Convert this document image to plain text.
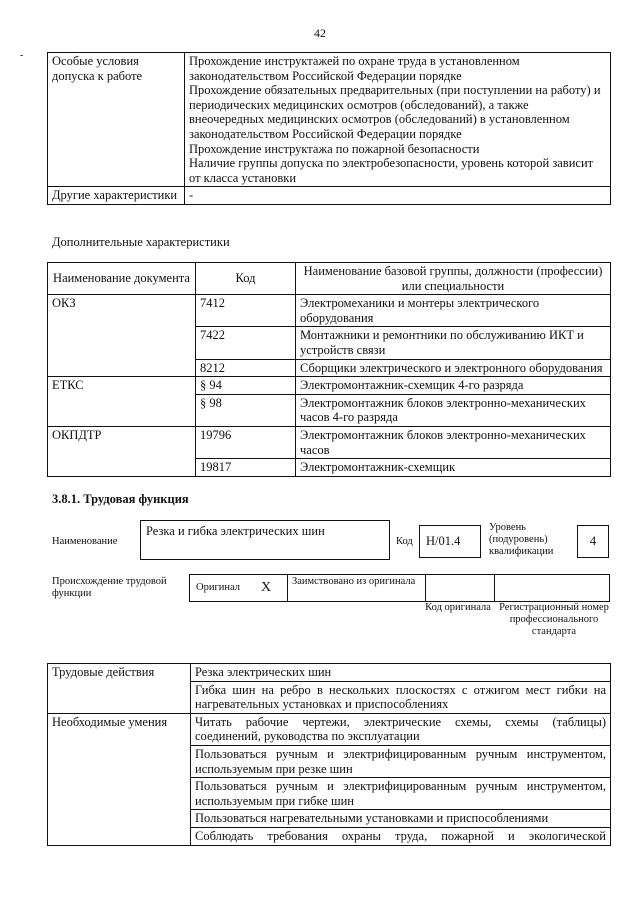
42
- Особые условия допуска к работе	Прохождение инструктажей по охране труда в установленном законодательством Российской Федерации порядке
Прохождение обязательных предварительных (при поступлении на работу) и периодических медицинских осмотров (обследований), а также внеочередных медицинских осмотров (обследований) в установленном законодательством Российской Федерации порядке
Прохождение инструктажа по пожарной безопасности
Наличие группы допуска по электробезопасности, уровень которой зависит от класса установки

Другие характеристики	-
Дополнительные характеристики
Наименование документа	Код	Наименование базовой группы, должности (профессии) или специальности
ОКЗ	7412	Электромеханики и монтеры электрического оборудования
	7422	Монтажники и ремонтники по обслуживанию ИКТ и устройств связи
	8212	Сборщики электрического и электронного оборудования
ЕТКС	§ 94	Электромонтажник-схемщик 4-го разряда
	§ 98	Электромонтажник блоков электронно-механических часов 4-го разряда
ОКПДТР	19796	Электромонтажник блоков электронно-механических часов
	19817	Электромонтажник-схемщик
3.8.1. Трудовая функция
Наименование
Резка и гибка электрических шин
Код	Н/01.4
Уровень (подуровень) квалификации
4
Происхождение трудовой функции
Оригинал X Заимствовано из оригинала
Код оригинала Регистрационный номер профессионального стандарта
Трудовые действия	Резка электрических шин
	Гибка шин на ребро в нескольких плоскостях с отжигом мест гибки на нагревательных установках и приспособлениях
Необходимые умения	Читать рабочие чертежи, электрические схемы, схемы (таблицы) соединений, руководства по эксплуатации
	Пользоваться ручным и электрифицированным ручным инструментом, используемым при резке шин
	Пользоваться ручным и электрифицированным ручным инструментом, используемым при гибке шин
	Пользоваться нагревательными установками и приспособлениями
	Соблюдать требования охраны труда, пожарной и экологической
